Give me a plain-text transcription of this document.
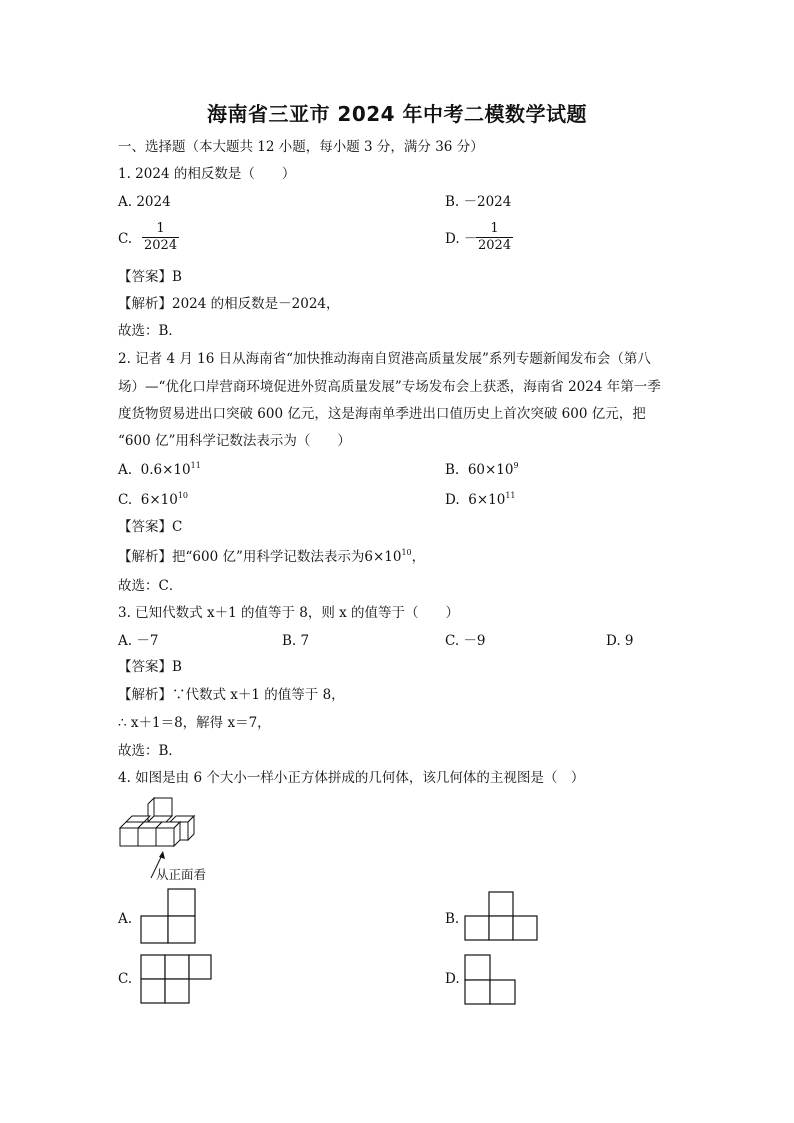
海南省三亚市 2024 年中考二模数学试题
一、选择题（本大题共 12 小题，每小题 3 分，满分 36 分）
1. 2024 的相反数是（　　）
A. 2024	B. －2024
C. $\frac{1}{2024}$	D. －
$\frac{1}{2024}$
【答案】B
【解析】2024 的相反数是－2024，
故选：B．
2. 记者 4 月 16 日从海南省“加快推动海南自贸港高质量发展”系列专题新闻发布会（第八
场）—“优化口岸营商环境促进外贸高质量发展”专场发布会上获悉，海南省 2024 年第一季
度货物贸易进出口突破 600 亿元，这是海南单季进出口值历史上首次突破 600 亿元，把
“600 亿”用科学记数法表示为（　　）
A. $0.6\times 10^{11}$	B. $60\times 10^9$
C. $6\times 10^{10}$	D. $6\times 10^{11}$
【答案】C
【解析】把“600 亿”用科学记数法表示为$6\times 10^{10}$，
故选：C．
3. 已知代数式 x＋1 的值等于 8，则 x 的值等于（　　）
A. －7	B. 7	C. －9	D. 9
【答案】B
【解析】∵代数式 x＋1 的值等于 8，
∴ x＋1＝8，解得 x＝7，
故选：B．
4. 如图是由 6 个大小一样小正方体拼成的几何体，该几何体的主视图是（　）
从正面看
A.	B.
C.	D.
